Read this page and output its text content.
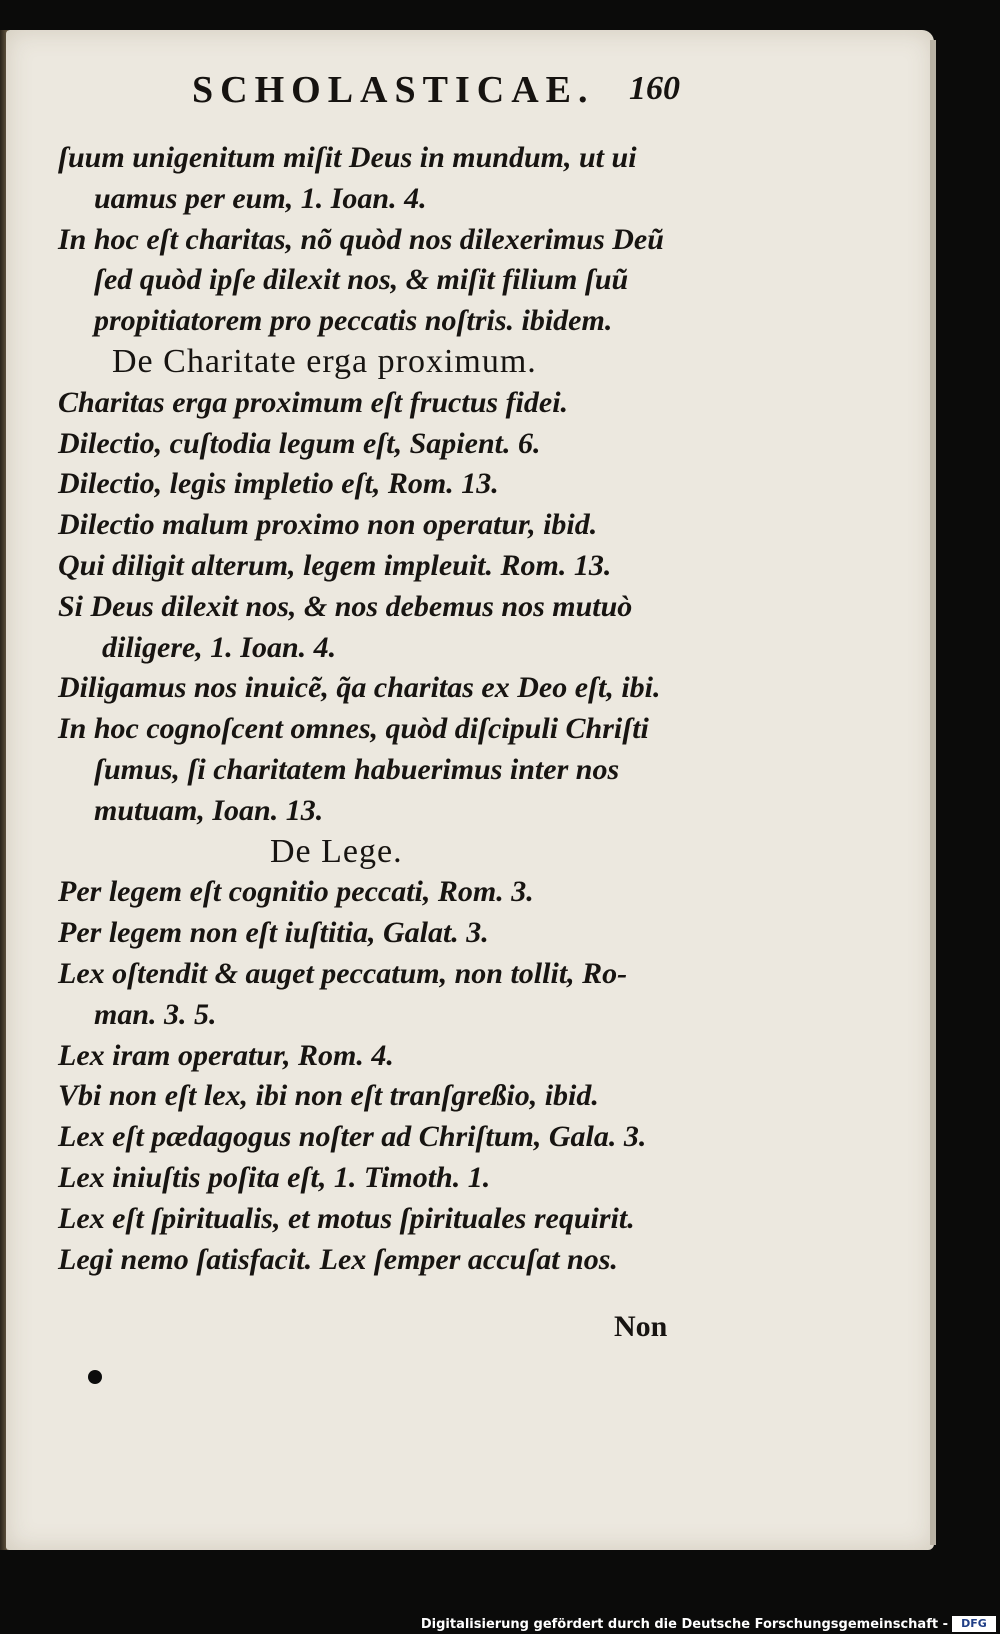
SCHOLASTICAE. 160
ſuum unigenitum miſit Deus in mundum, ut ui
uamus per eum, 1. Ioan. 4.
In hoc eſt charitas, nõ quòd nos dilexerimus Deũ
ſed quòd ipſe dilexit nos, & miſit filium ſuũ
propitiatorem pro peccatis noſtris. ibidem.
De Charitate erga proximum.
Charitas erga proximum eſt fructus fidei.
Dilectio, cuſtodia legum eſt, Sapient. 6.
Dilectio, legis impletio eſt, Rom. 13.
Dilectio malum proximo non operatur, ibid.
Qui diligit alterum, legem impleuit. Rom. 13.
Si Deus dilexit nos, & nos debemus nos mutuò
diligere, 1. Ioan. 4.
Diligamus nos inuicẽ, q̃a charitas ex Deo eſt, ibi.
In hoc cognoſcent omnes, quòd diſcipuli Chriſti
ſumus, ſi charitatem habuerimus inter nos
mutuam, Ioan. 13.
De Lege.
Per legem eſt cognitio peccati, Rom. 3.
Per legem non eſt iuſtitia, Galat. 3.
Lex oſtendit & auget peccatum, non tollit, Ro-
man. 3. 5.
Lex iram operatur, Rom. 4.
Vbi non eſt lex, ibi non eſt tranſgreßio, ibid.
Lex eſt pædagogus noſter ad Chriſtum, Gala. 3.
Lex iniuſtis poſita eſt, 1. Timoth. 1.
Lex eſt ſpiritualis, et motus ſpirituales requirit.
Legi nemo ſatisfacit. Lex ſemper accuſat nos.
Non
Digitalisierung gefördert durch die Deutsche Forschungsgemeinschaft -	DFG
